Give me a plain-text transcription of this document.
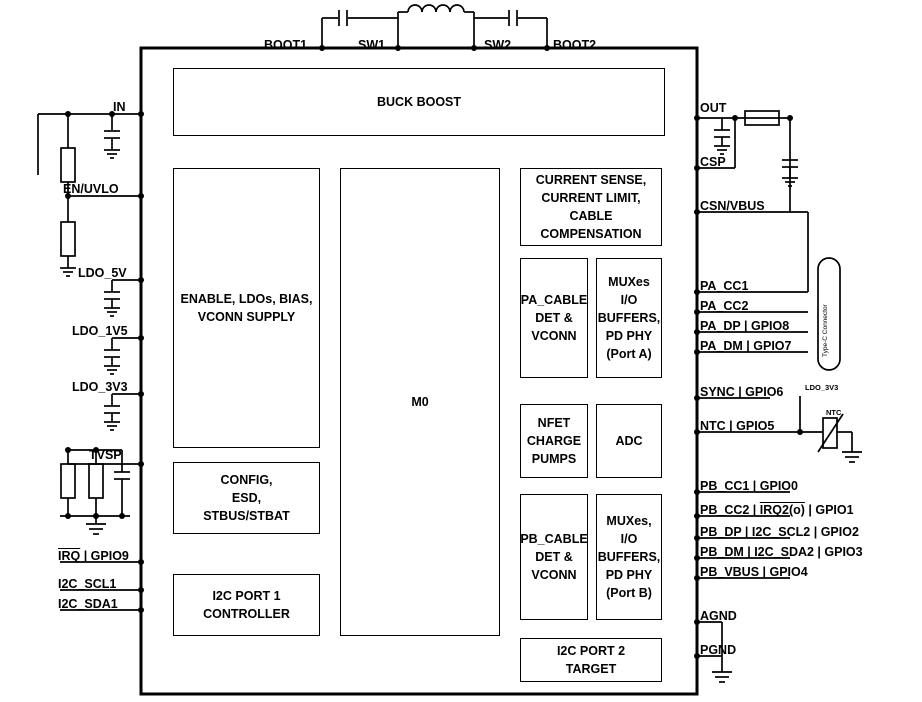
BUCK BOOST
ENABLE, LDOs, BIAS,
VCONN SUPPLY
CONFIG,
ESD,
STBUS/STBAT
I2C PORT 1
CONTROLLER
M0
CURRENT SENSE,
CURRENT LIMIT, CABLE
COMPENSATION
PA_CABLE
DET &
VCONN
MUXes
I/O
BUFFERS,
PD PHY
(Port A)
NFET
CHARGE
PUMPS
ADC
PB_CABLE
DET &
VCONN
MUXes,
I/O
BUFFERS,
PD PHY
(Port B)
I2C PORT 2
TARGET
BOOT1	SW1	SW2	BOOT2
IN
EN/UVLO
LDO_5V
LDO_1V5
LDO_3V3
TVSP
$\overline{IRQ}$ | GPIO9
I2C_SCL1
I2C_SDA1
OUT
CSP
CSN/VBUS
PA_CC1
PA_CC2
PA_DP | GPIO8
PA_DM | GPIO7
SYNC | GPIO6
NTC | GPIO5
PB_CC1 | GPIO0
PB_CC2 | IRQ2(o) | GPIO1
PB_DP | I2C_SCL2 | GPIO2
PB_DM | I2C_SDA2 | GPIO3
PB_VBUS | GPIO4
AGND
PGND
Type-C Connector
LDO_3V3
NTC
